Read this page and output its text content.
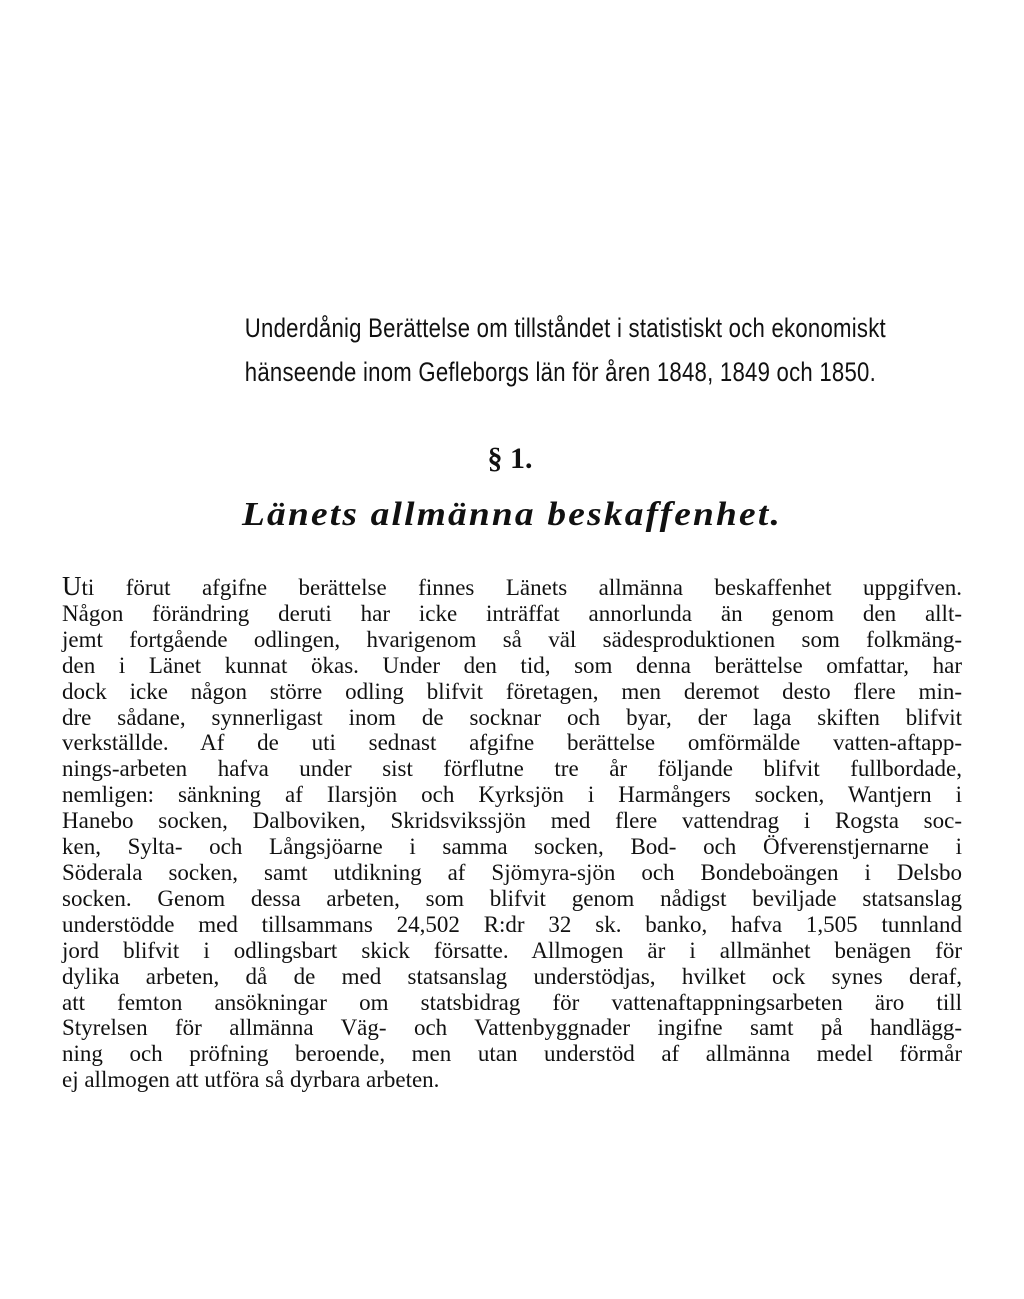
Underdånig Berättelse om tillståndet i statistiskt och ekonomiskt
hänseende inom Gefleborgs län för åren 1848, 1849 och 1850.
§ 1.
Länets allmänna beskaffenhet.
Uti förut afgifne berättelse finnes Länets allmänna beskaffenhet uppgifven.
Någon förändring deruti har icke inträffat annorlunda än genom den allt-
jemt fortgående odlingen, hvarigenom så väl sädesproduktionen som folkmäng-
den i Länet kunnat ökas. Under den tid, som denna berättelse omfattar, har
dock icke någon större odling blifvit företagen, men deremot desto flere min-
dre sådane, synnerligast inom de socknar och byar, der laga skiften blifvit
verkställde. Af de uti sednast afgifne berättelse omförmälde vatten-aftapp-
nings-arbeten hafva under sist förflutne tre år följande blifvit fullbordade,
nemligen: sänkning af Ilarsjön och Kyrksjön i Harmångers socken, Wantjern i
Hanebo socken, Dalboviken, Skridsvikssjön med flere vattendrag i Rogsta soc-
ken, Sylta- och Långsjöarne i samma socken, Bod- och Öfverenstjernarne i
Söderala socken, samt utdikning af Sjömyra-sjön och Bondeboängen i Delsbo
socken. Genom dessa arbeten, som blifvit genom nådigst beviljade statsanslag
understödde med tillsammans 24,502 R:dr 32 sk. banko, hafva 1,505 tunnland
jord blifvit i odlingsbart skick försatte. Allmogen är i allmänhet benägen för
dylika arbeten, då de med statsanslag understödjas, hvilket ock synes deraf,
att femton ansökningar om statsbidrag för vattenaftappningsarbeten äro till
Styrelsen för allmänna Väg- och Vattenbyggnader ingifne samt på handlägg-
ning och pröfning beroende, men utan understöd af allmänna medel förmår
ej allmogen att utföra så dyrbara arbeten.
